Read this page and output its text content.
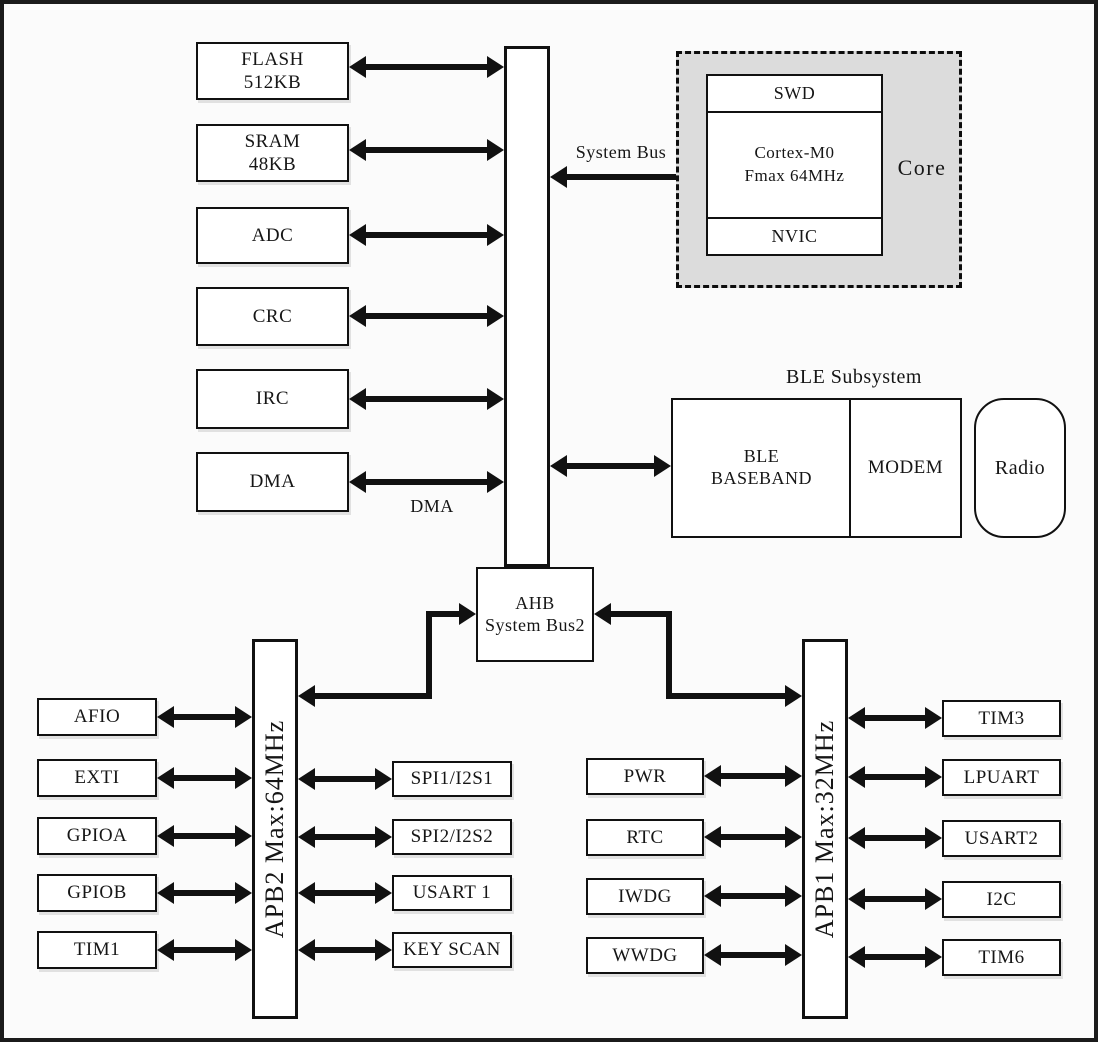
FLASH
512KB
SRAM
48KB
ADC
CRC
IRC
DMA
DMA
System Bus
SWD
Cortex-M0
Fmax 64MHz
NVIC
Core
BLE Subsystem
BLE
BASEBAND	MODEM	Radio
AHB
System Bus2
APB2 Max:64MHz
AFIO
EXTI
GPIOA
GPIOB
TIM1
SPI1/I2S1
SPI2/I2S2
USART 1
KEY SCAN
APB1 Max:32MHz
PWR
RTC
IWDG
WWDG
TIM3
LPUART
USART2
I2C
TIM6
